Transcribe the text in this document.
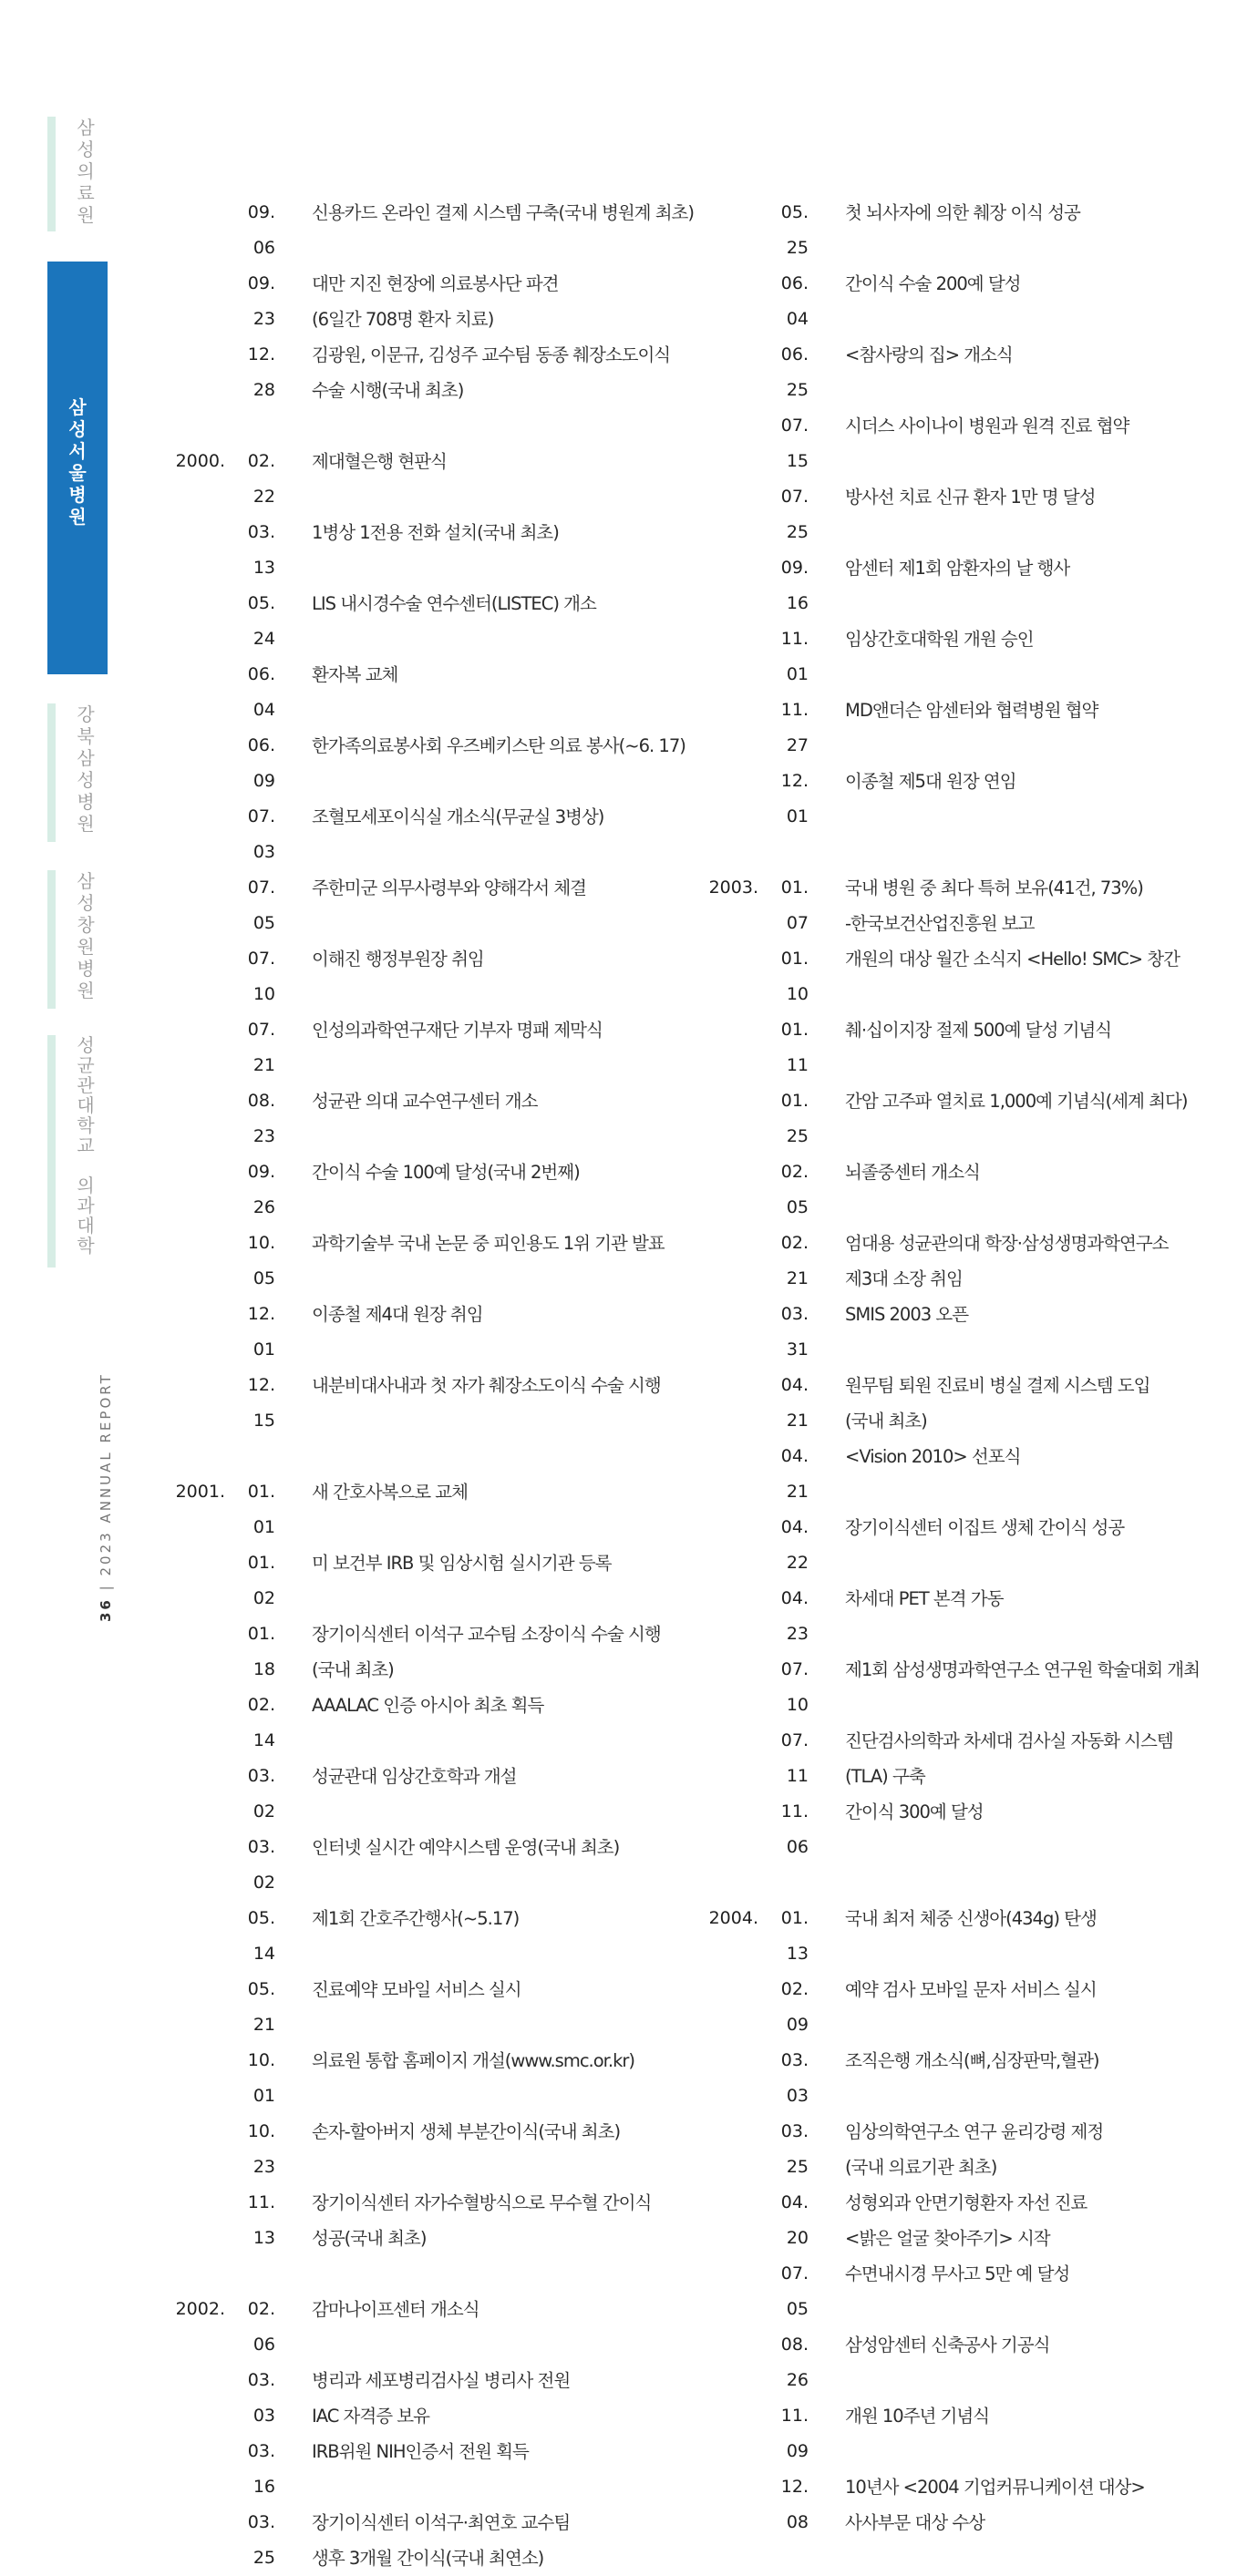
삼
성
의
료
원
삼
성
서
울
병
원
강
북
삼
성
병
원
삼
성
창
원
병
원
성
균
관
대
학
교

의
과
대
학
36 | 2023 ANNUAL REPORT
09. 06
신용카드 온라인 결제 시스템 구축(국내 병원계 최초)
09. 23
대만 지진 현장에 의료봉사단 파견
(6일간 708명 환자 치료)
12. 28
김광원, 이문규, 김성주 교수팀 동종 췌장소도이식
수술 시행(국내 최초)
2000.	02. 22
제대혈은행 현판식
03. 13
1병상 1전용 전화 설치(국내 최초)
05. 24
LIS 내시경수술 연수센터(LISTEC) 개소
06. 04
환자복 교체
06. 09
한가족의료봉사회 우즈베키스탄 의료 봉사(~6. 17)
07. 03
조혈모세포이식실 개소식(무균실 3병상)
07. 05
주한미군 의무사령부와 양해각서 체결
07. 10
이해진 행정부원장 취임
07. 21
인성의과학연구재단 기부자 명패 제막식
08. 23
성균관 의대 교수연구센터 개소
09. 26
간이식 수술 100예 달성(국내 2번째)
10. 05
과학기술부 국내 논문 중 피인용도 1위 기관 발표
12. 01
이종철 제4대 원장 취임
12. 15
내분비대사내과 첫 자가 췌장소도이식 수술 시행
2001.	01. 01
새 간호사복으로 교체
01. 02
미 보건부 IRB 및 임상시험 실시기관 등록
01. 18
장기이식센터 이석구 교수팀 소장이식 수술 시행
(국내 최초)
02. 14
AAALAC 인증 아시아 최초 획득
03. 02
성균관대 임상간호학과 개설
03. 02
인터넷 실시간 예약시스템 운영(국내 최초)
05. 14
제1회 간호주간행사(~5.17)
05. 21
진료예약 모바일 서비스 실시
10. 01
의료원 통합 홈페이지 개설(www.smc.or.kr)
10. 23
손자-할아버지 생체 부분간이식(국내 최초)
11. 13
장기이식센터 자가수혈방식으로 무수혈 간이식
성공(국내 최초)
2002.	02. 06
감마나이프센터 개소식
03. 03
병리과 세포병리검사실 병리사 전원
IAC 자격증 보유
03. 16
IRB위원 NIH인증서 전원 획득
03. 25
장기이식센터 이석구·최연호 교수팀
생후 3개월 간이식(국내 최연소)
05. 25
첫 뇌사자에 의한 췌장 이식 성공
06. 04
간이식 수술 200예 달성
06. 25
<참사랑의 집> 개소식
07. 15
시더스 사이나이 병원과 원격 진료 협약
07. 25
방사선 치료 신규 환자 1만 명 달성
09. 16
암센터 제1회 암환자의 날 행사
11. 01
임상간호대학원 개원 승인
11. 27
MD앤더슨 암센터와 협력병원 협약
12. 01
이종철 제5대 원장 연임
2003.	01. 07
국내 병원 중 최다 특허 보유(41건, 73%)
-한국보건산업진흥원 보고
01. 10
개원의 대상 월간 소식지 <Hello! SMC> 창간
01. 11
췌·십이지장 절제 500예 달성 기념식
01. 25
간암 고주파 열치료 1,000예 기념식(세계 최다)
02. 05
뇌졸중센터 개소식
02. 21
엄대용 성균관의대 학장·삼성생명과학연구소
제3대 소장 취임
03. 31
SMIS 2003 오픈
04. 21
원무팀 퇴원 진료비 병실 결제 시스템 도입
(국내 최초)
04. 21
<Vision 2010> 선포식
04. 22
장기이식센터 이집트 생체 간이식 성공
04. 23
차세대 PET 본격 가동
07. 10
제1회 삼성생명과학연구소 연구원 학술대회 개최
07. 11
진단검사의학과 차세대 검사실 자동화 시스템
(TLA) 구축
11. 06
간이식 300예 달성
2004.	01. 13
국내 최저 체중 신생아(434g) 탄생
02. 09
예약 검사 모바일 문자 서비스 실시
03. 03
조직은행 개소식(뼈,심장판막,혈관)
03. 25
임상의학연구소 연구 윤리강령 제정
(국내 의료기관 최초)
04. 20
성형외과 안면기형환자 자선 진료
<밝은 얼굴 찾아주기> 시작
07. 05
수면내시경 무사고 5만 예 달성
08. 26
삼성암센터 신축공사 기공식
11. 09
개원 10주년 기념식
12. 08
10년사 <2004 기업커뮤니케이션 대상>
사사부문 대상 수상
